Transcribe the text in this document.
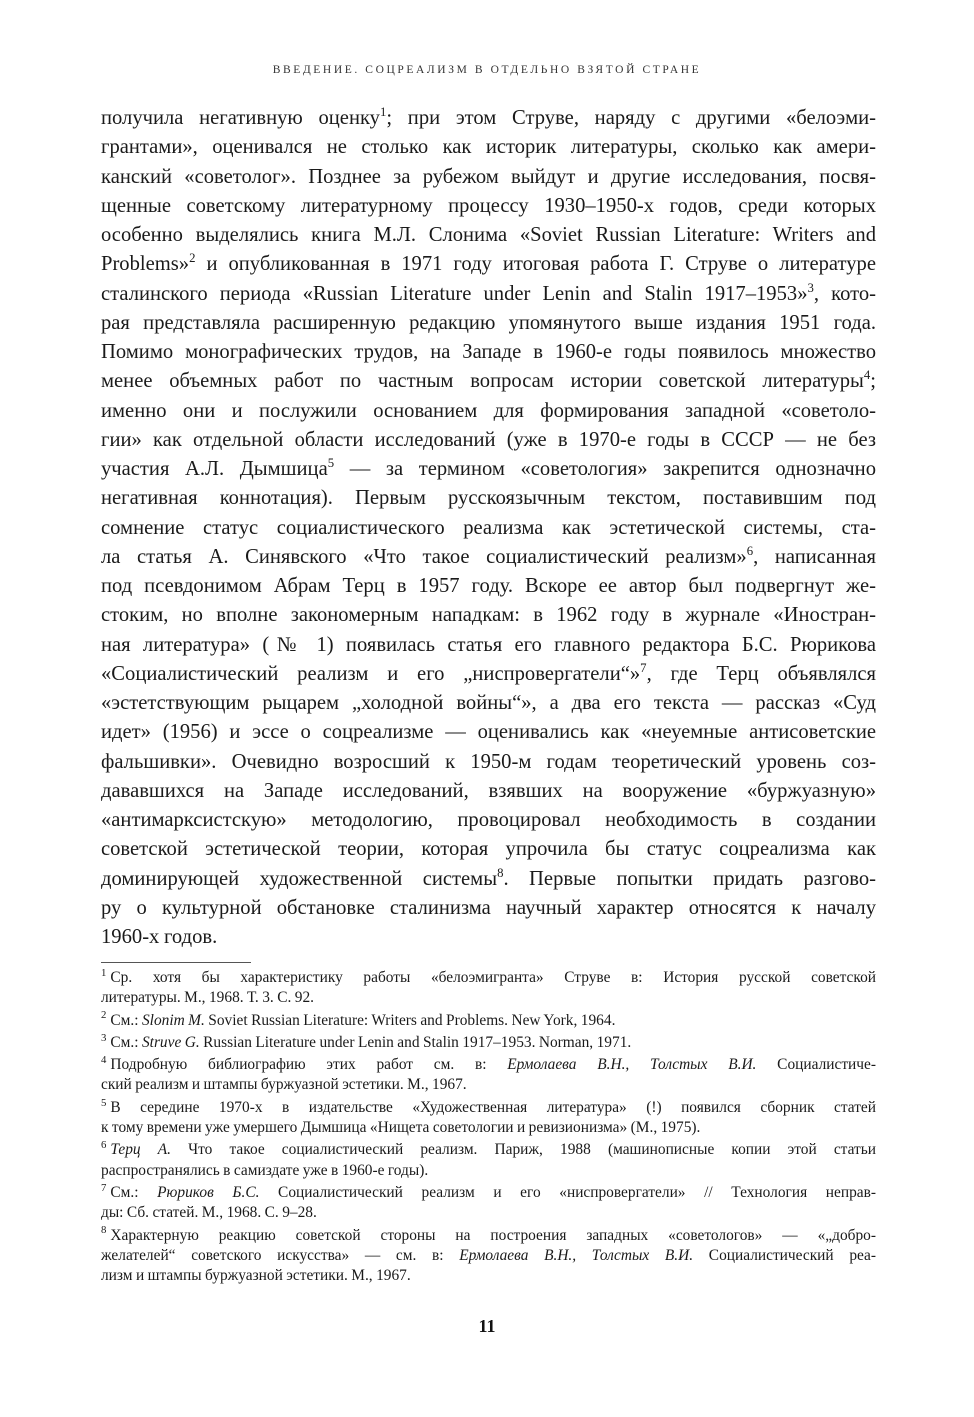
ВВЕДЕНИЕ. СОЦРЕАЛИЗМ В ОТДЕЛЬНО ВЗЯТОЙ СТРАНЕ
получила негативную оценку$^1$; при этом Струве, наряду с другими «белоэми-
грантами», оценивался не столько как историк литературы, сколько как амери-
канский «советолог». Позднее за рубежом выйдут и другие исследования, посвя-
щенные советскому литературному процессу 1930–1950-х годов, среди которых
особенно выделялись книга М.Л. Слонима «Soviet Russian Literature: Writers and
Problems»$^2$ и опубликованная в 1971 году итоговая работа Г. Струве о литературе
сталинского периода «Russian Literature under Lenin and Stalin 1917–1953»$^3$, кото-
рая представляла расширенную редакцию упомянутого выше издания 1951 года.
Помимо монографических трудов, на Западе в 1960-е годы появилось множество
менее объемных работ по частным вопросам истории советской литературы$^4$;
именно они и послужили основанием для формирования западной «советоло-
гии» как отдельной области исследований (уже в 1970-е годы в СССР — не без
участия А.Л. Дымшица$^5$ — за термином «советология» закрепится однозначно
негативная коннотация). Первым русскоязычным текстом, поставившим под
сомнение статус социалистического реализма как эстетической системы, ста-
ла статья А. Синявского «Что такое социалистический реализм»$^6$, написанная
под псевдонимом Абрам Терц в 1957 году. Вскоре ее автор был подвергнут же-
стоким, но вполне закономерным нападкам: в 1962 году в журнале «Иностран-
ная литература» (№ 1) появилась статья его главного редактора Б.С. Рюрикова
«Социалистический реализм и его „ниспровергатели“»$^7$, где Терц объявлялся
«эстетствующим рыцарем „холодной войны“», а два его текста — рассказ «Суд
идет» (1956) и эссе о соцреализме — оценивались как «неуемные антисоветские
фальшивки». Очевидно возросший к 1950-м годам теоретический уровень соз-
дававшихся на Западе исследований, взявших на вооружение «буржуазную»
«антимарксистскую» методологию, провоцировал необходимость в создании
советской эстетической теории, которая упрочила бы статус соцреализма как
доминирующей художественной системы$^8$. Первые попытки придать разгово-
ру о культурной обстановке сталинизма научный характер относятся к началу
1960-х годов.
$^1$ Ср. хотя бы характеристику работы «белоэмигранта» Струве в: История русской советской
литературы. М., 1968. Т. 3. С. 92.
$^2$ См.: Slonim M. Soviet Russian Literature: Writers and Problems. New York, 1964.
$^3$ См.: Struve G. Russian Literature under Lenin and Stalin 1917–1953. Norman, 1971.
$^4$ Подробную библиографию этих работ см. в: Ермолаева В.Н., Толстых В.И. Социалистиче-
ский реализм и штампы буржуазной эстетики. М., 1967.
$^5$ В середине 1970-х в издательстве «Художественная литература» (!) появился сборник статей
к тому времени уже умершего Дымшица «Нищета советологии и ревизионизма» (М., 1975).
$^6$ Терц А. Что такое социалистический реализм. Париж, 1988 (машинописные копии этой статьи
распространялись в самиздате уже в 1960-е годы).
$^7$ См.: Рюриков Б.С. Социалистический реализм и его «ниспровергатели» // Технология неправ-
ды: Сб. статей. М., 1968. С. 9–28.
$^8$ Характерную реакцию советской стороны на построения западных «советологов» — «„добро-
желателей“ советского искусства» — см. в: Ермолаева В.Н., Толстых В.И. Социалистический реа-
лизм и штампы буржуазной эстетики. М., 1967.
11
